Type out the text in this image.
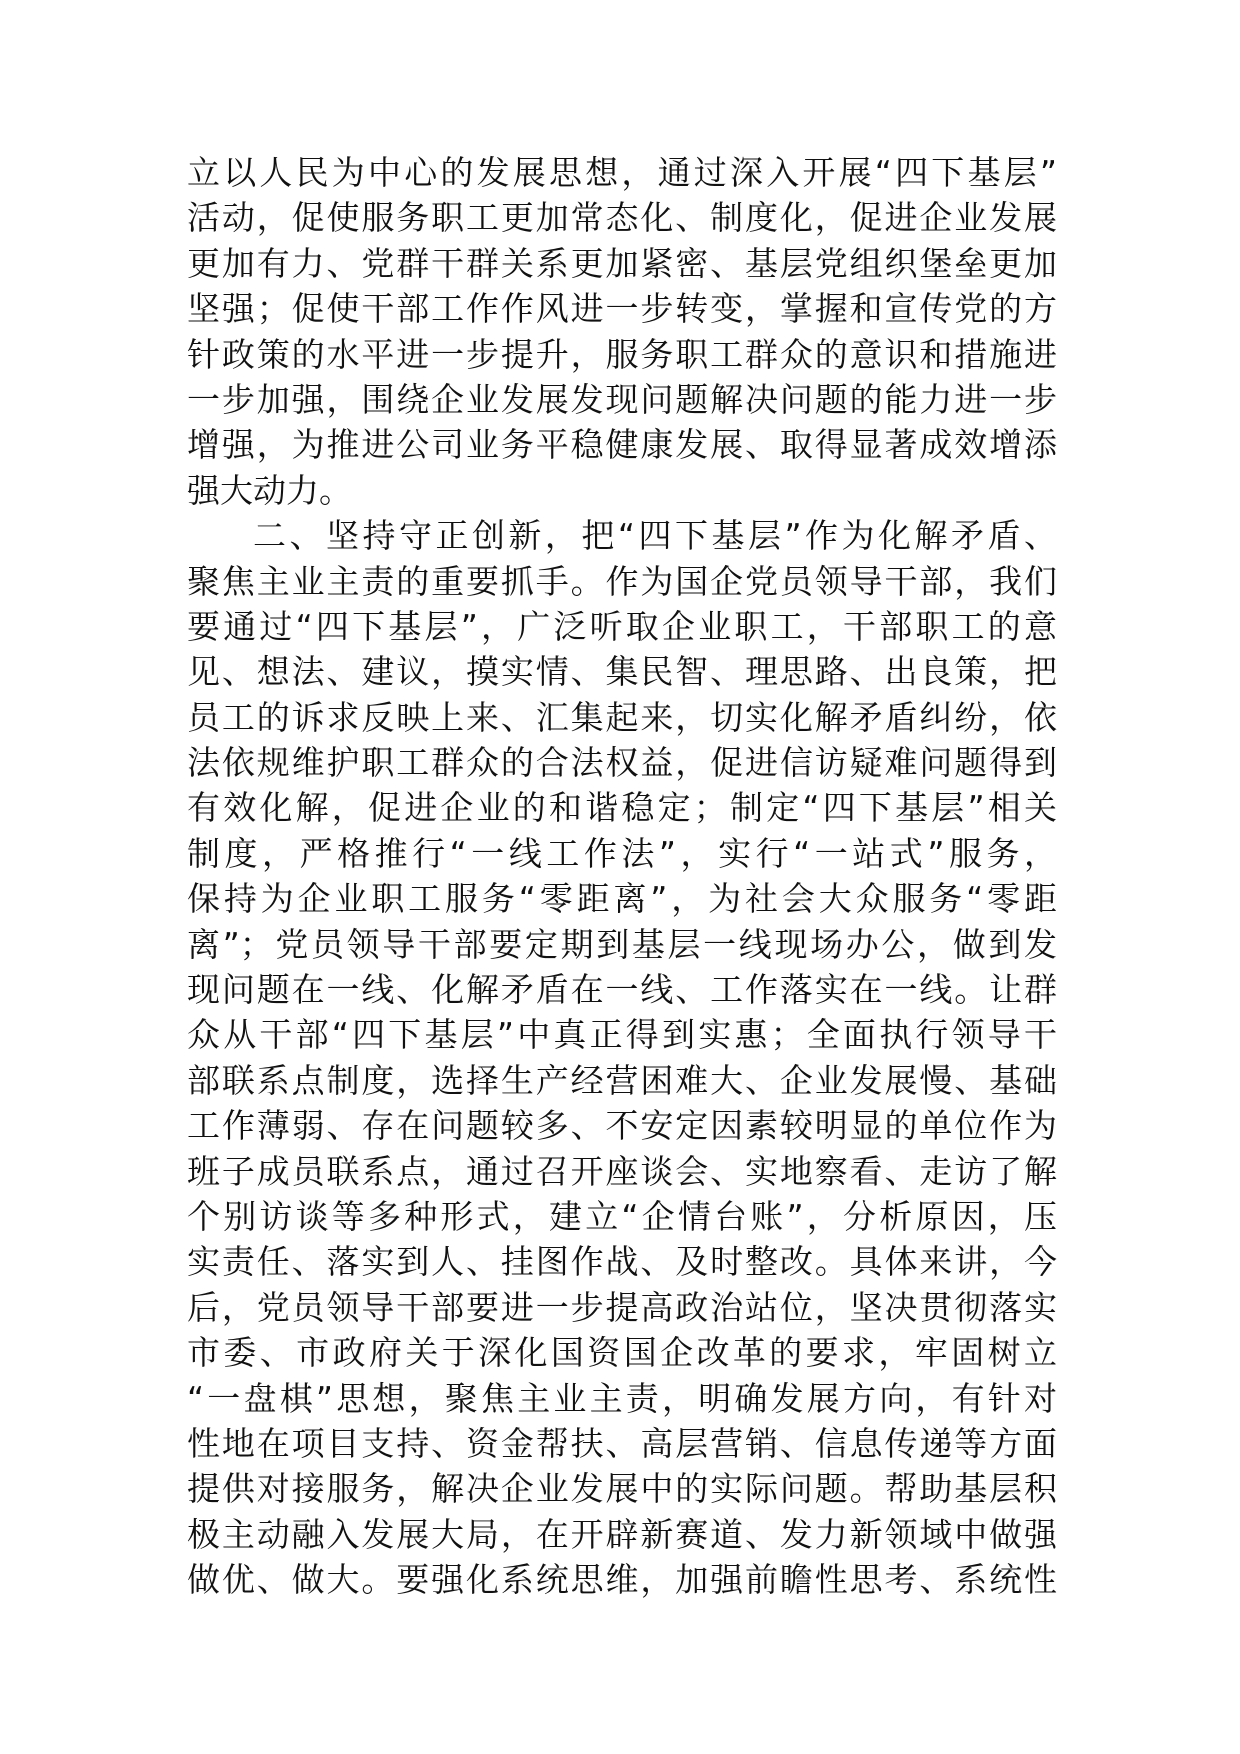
立以人民为中心的发展思想，通过深入开展“四下基层”
活动，促使服务职工更加常态化、制度化，促进企业发展
更加有力、党群干群关系更加紧密、基层党组织堡垒更加
坚强；促使干部工作作风进一步转变，掌握和宣传党的方
针政策的水平进一步提升，服务职工群众的意识和措施进
一步加强，围绕企业发展发现问题解决问题的能力进一步
增强，为推进公司业务平稳健康发展、取得显著成效增添
强大动力。
二、坚持守正创新，把“四下基层”作为化解矛盾、
聚焦主业主责的重要抓手。作为国企党员领导干部，我们
要通过“四下基层”，广泛听取企业职工，干部职工的意
见、想法、建议，摸实情、集民智、理思路、出良策，把
员工的诉求反映上来、汇集起来，切实化解矛盾纠纷，依
法依规维护职工群众的合法权益，促进信访疑难问题得到
有效化解，促进企业的和谐稳定；制定“四下基层”相关
制度，严格推行“一线工作法”，实行“一站式”服务，
保持为企业职工服务“零距离”，为社会大众服务“零距
离”；党员领导干部要定期到基层一线现场办公，做到发
现问题在一线、化解矛盾在一线、工作落实在一线。让群
众从干部“四下基层”中真正得到实惠；全面执行领导干
部联系点制度，选择生产经营困难大、企业发展慢、基础
工作薄弱、存在问题较多、不安定因素较明显的单位作为
班子成员联系点，通过召开座谈会、实地察看、走访了解
个别访谈等多种形式，建立“企情台账”，分析原因，压
实责任、落实到人、挂图作战、及时整改。具体来讲，今
后，党员领导干部要进一步提高政治站位，坚决贯彻落实
市委、市政府关于深化国资国企改革的要求，牢固树立
“一盘棋”思想，聚焦主业主责，明确发展方向，有针对
性地在项目支持、资金帮扶、高层营销、信息传递等方面
提供对接服务，解决企业发展中的实际问题。帮助基层积
极主动融入发展大局，在开辟新赛道、发力新领域中做强
做优、做大。要强化系统思维，加强前瞻性思考、系统性
